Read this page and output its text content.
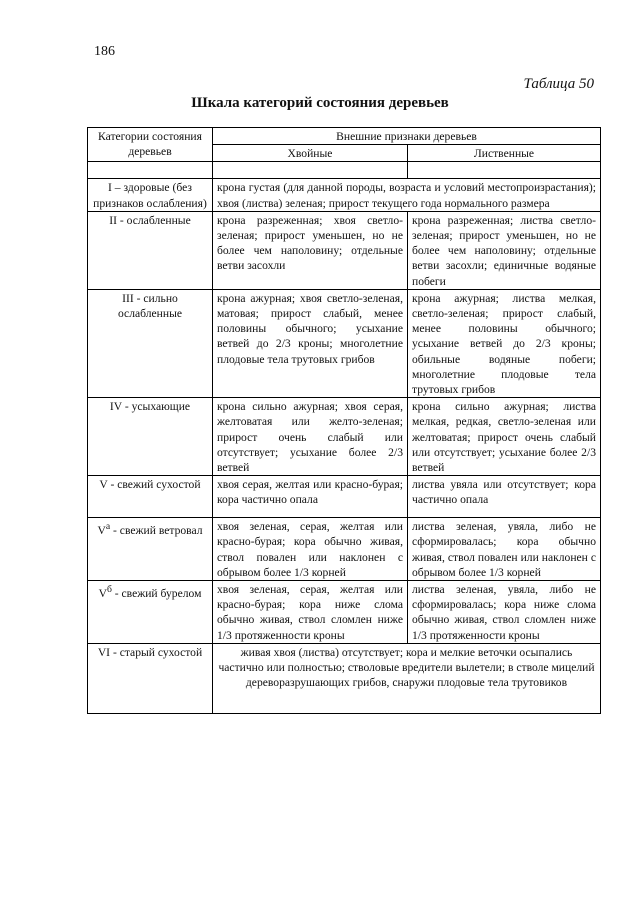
186
Таблица 50
Шкала категорий состояния деревьев
Категории состояния деревьев	Внешние признаки деревьев	
	Хвойные	Лиственные

I – здоровые (без признаков ослабления)	крона густая (для данной породы, возраста и условий местопроизрастания); хвоя (листва) зеленая; прирост текущего года нормального размера	
II - ослабленные	крона разреженная; хвоя светло-зеленая; прирост уменьшен, но не более чем наполовину; отдельные ветви засохли	крона разреженная; листва светло-зеленая; прирост уменьшен, но не более чем наполовину; отдельные ветви засохли; единичные водяные побеги
III - сильно ослабленные	крона ажурная; хвоя светло-зеленая, матовая; прирост слабый, менее половины обычного; усыхание ветвей до 2/3 кроны; многолетние плодовые тела трутовых грибов	крона ажурная; листва мелкая, светло-зеленая; прирост слабый, менее половины обычного; усыхание ветвей до 2/3 кроны; обильные водяные побеги; многолетние плодовые тела трутовых грибов
IV - усыхающие	крона сильно ажурная; хвоя серая, желтоватая или желто-зеленая; прирост очень слабый или отсутствует; усыхание более 2/3 ветвей	крона сильно ажурная; листва мелкая, редкая, светло-зеленая или желтоватая; прирост очень слабый или отсутствует; усыхание более 2/3 ветвей
V - свежий сухостой	хвоя серая, желтая или красно-бурая; кора частично опала	листва увяла или отсутствует; кора частично опала
$V^а$ - свежий ветровал	хвоя зеленая, серая, желтая или красно-бурая; кора обычно живая, ствол повален или наклонен с обрывом более 1/3 корней	листва зеленая, увяла, либо не сформировалась; кора обычно живая, ствол повален или наклонен с обрывом более 1/3 корней
$V^б$ - свежий бурелом	хвоя зеленая, серая, желтая или красно-бурая; кора ниже слома обычно живая, ствол сломлен ниже 1/3 протяженности кроны	листва зеленая, увяла, либо не сформировалась; кора ниже слома обычно живая, ствол сломлен ниже 1/3 протяженности кроны
VI - старый сухостой	живая хвоя (листва) отсутствует; кора и мелкие веточки осыпались частично или полностью; стволовые вредители вылетели; в стволе мицелий дереворазрушающих грибов, снаружи плодовые тела трутовиков	
